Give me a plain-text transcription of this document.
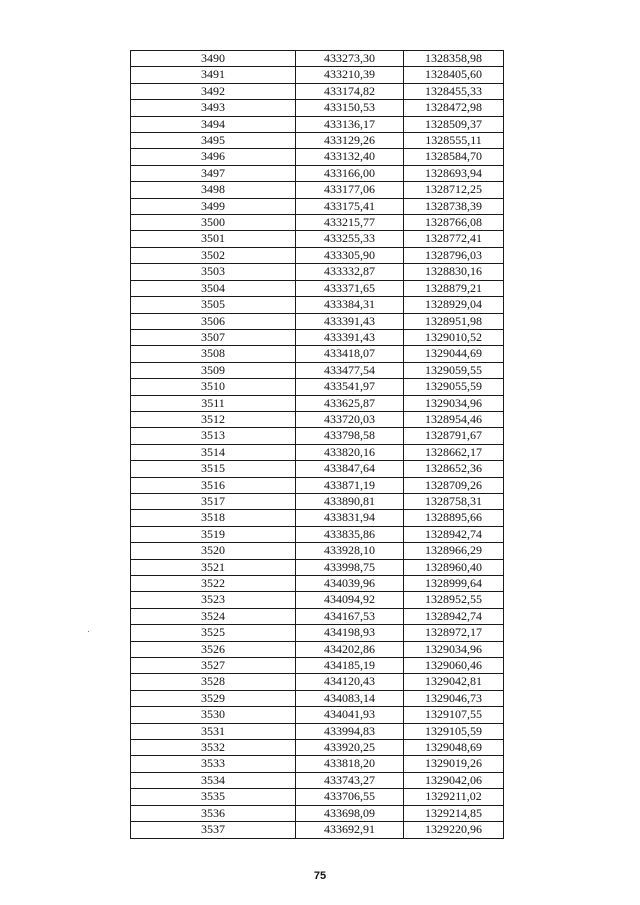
3490	433273,30	1328358,98
3491	433210,39	1328405,60
3492	433174,82	1328455,33
3493	433150,53	1328472,98
3494	433136,17	1328509,37
3495	433129,26	1328555,11
3496	433132,40	1328584,70
3497	433166,00	1328693,94
3498	433177,06	1328712,25
3499	433175,41	1328738,39
3500	433215,77	1328766,08
3501	433255,33	1328772,41
3502	433305,90	1328796,03
3503	433332,87	1328830,16
3504	433371,65	1328879,21
3505	433384,31	1328929,04
3506	433391,43	1328951,98
3507	433391,43	1329010,52
3508	433418,07	1329044,69
3509	433477,54	1329059,55
3510	433541,97	1329055,59
3511	433625,87	1329034,96
3512	433720,03	1328954,46
3513	433798,58	1328791,67
3514	433820,16	1328662,17
3515	433847,64	1328652,36
3516	433871,19	1328709,26
3517	433890,81	1328758,31
3518	433831,94	1328895,66
3519	433835,86	1328942,74
3520	433928,10	1328966,29
3521	433998,75	1328960,40
3522	434039,96	1328999,64
3523	434094,92	1328952,55
3524	434167,53	1328942,74
3525	434198,93	1328972,17
3526	434202,86	1329034,96
3527	434185,19	1329060,46
3528	434120,43	1329042,81
3529	434083,14	1329046,73
3530	434041,93	1329107,55
3531	433994,83	1329105,59
3532	433920,25	1329048,69
3533	433818,20	1329019,26
3534	433743,27	1329042,06
3535	433706,55	1329211,02
3536	433698,09	1329214,85
3537	433692,91	1329220,96
75
